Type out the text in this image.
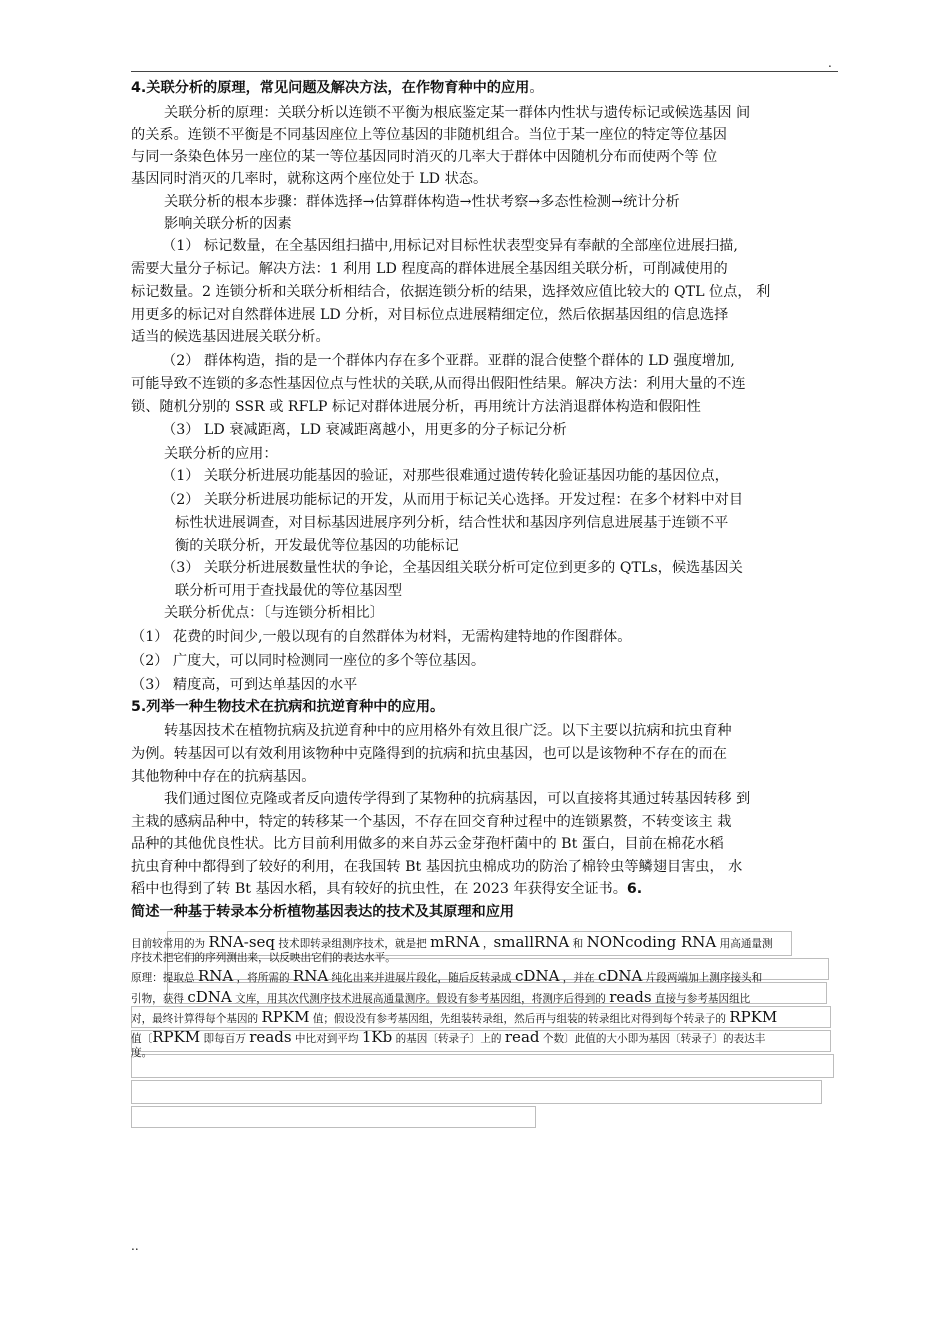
.
4.关联分析的原理，常见问题及解决方法，在作物育种中的应用。
关联分析的原理：关联分析以连锁不平衡为根底鉴定某一群体内性状与遗传标记或候选基因 间
的关系。连锁不平衡是不同基因座位上等位基因的非随机组合。当位于某一座位的特定等位基因
与同一条染色体另一座位的某一等位基因同时消灭的几率大于群体中因随机分布而使两个等 位
基因同时消灭的几率时，就称这两个座位处于 LD 状态。
关联分析的根本步骤：群体选择→估算群体构造→性状考察→多态性检测→统计分析
影响关联分析的因素
（1） 标记数量，在全基因组扫描中,用标记对目标性状表型变异有奉献的全部座位进展扫描,
需要大量分子标记。解决方法：1 利用 LD 程度高的群体进展全基因组关联分析，可削减使用的
标记数量。2 连锁分析和关联分析相结合，依据连锁分析的结果，选择效应值比较大的 QTL 位点， 利
用更多的标记对自然群体进展 LD 分析，对目标位点进展精细定位，然后依据基因组的信息选择
适当的候选基因进展关联分析。
（2） 群体构造，指的是一个群体内存在多个亚群。亚群的混合使整个群体的 LD 强度增加,
可能导致不连锁的多态性基因位点与性状的关联,从而得出假阳性结果。解决方法：利用大量的不连
锁、随机分别的 SSR 或 RFLP 标记对群体进展分析，再用统计方法消退群体构造和假阳性
（3） LD 衰减距离，LD 衰减距离越小，用更多的分子标记分析
关联分析的应用：
（1） 关联分析进展功能基因的验证，对那些很难通过遗传转化验证基因功能的基因位点，
（2） 关联分析进展功能标记的开发，从而用于标记关心选择。开发过程：在多个材料中对目
标性状进展调查，对目标基因进展序列分析，结合性状和基因序列信息进展基于连锁不平
衡的关联分析，开发最优等位基因的功能标记
（3） 关联分析进展数量性状的争论，全基因组关联分析可定位到更多的 QTLs，候选基因关
联分析可用于查找最优的等位基因型
关联分析优点：〔与连锁分析相比〕
（1） 花费的时间少,一般以现有的自然群体为材料，无需构建特地的作图群体。
（2） 广度大，可以同时检测同一座位的多个等位基因。
（3） 精度高，可到达单基因的水平
5.列举一种生物技术在抗病和抗逆育种中的应用。
转基因技术在植物抗病及抗逆育种中的应用格外有效且很广泛。以下主要以抗病和抗虫育种
为例。转基因可以有效利用该物种中克隆得到的抗病和抗虫基因，也可以是该物种不存在的而在
其他物种中存在的抗病基因。
我们通过图位克隆或者反向遗传学得到了某物种的抗病基因，可以直接将其通过转基因转移 到
主栽的感病品种中，特定的转移某一个基因，不存在回交育种过程中的连锁累赘，不转变该主 栽
品种的其他优良性状。比方目前利用做多的来自苏云金芽孢杆菌中的 Bt 蛋白，目前在棉花水稻
抗虫育种中都得到了较好的利用，在我国转 Bt 基因抗虫棉成功的防治了棉铃虫等鳞翅目害虫， 水
稻中也得到了转 Bt 基因水稻，具有较好的抗虫性，在 2023 年获得安全证书。6.
简述一种基于转录本分析植物基因表达的技术及其原理和应用
目前较常用的为 RNA-seq 技术即转录组测序技术，就是把 mRNA ，smallRNA 和 NONcoding RNA 用高通量测
序技术把它们的序列测出来，以反映出它们的表达水平。
原理：提取总 RNA ，将所需的 RNA 纯化出来并进展片段化，随后反转录成 cDNA ，并在 cDNA 片段两端加上测序接头和
引物，获得 cDNA 文库，用其次代测序技术进展高通量测序。假设有参考基因组，将测序后得到的 reads 直接与参考基因组比
对，最终计算得每个基因的 RPKM 值；假设没有参考基因组，先组装转录组，然后再与组装的转录组比对得到每个转录子的 RPKM
值〔RPKM 即每百万 reads 中比对到平均 1Kb 的基因〔转录子〕上的 read 个数〕此值的大小即为基因〔转录子〕的表达丰
度。
..
